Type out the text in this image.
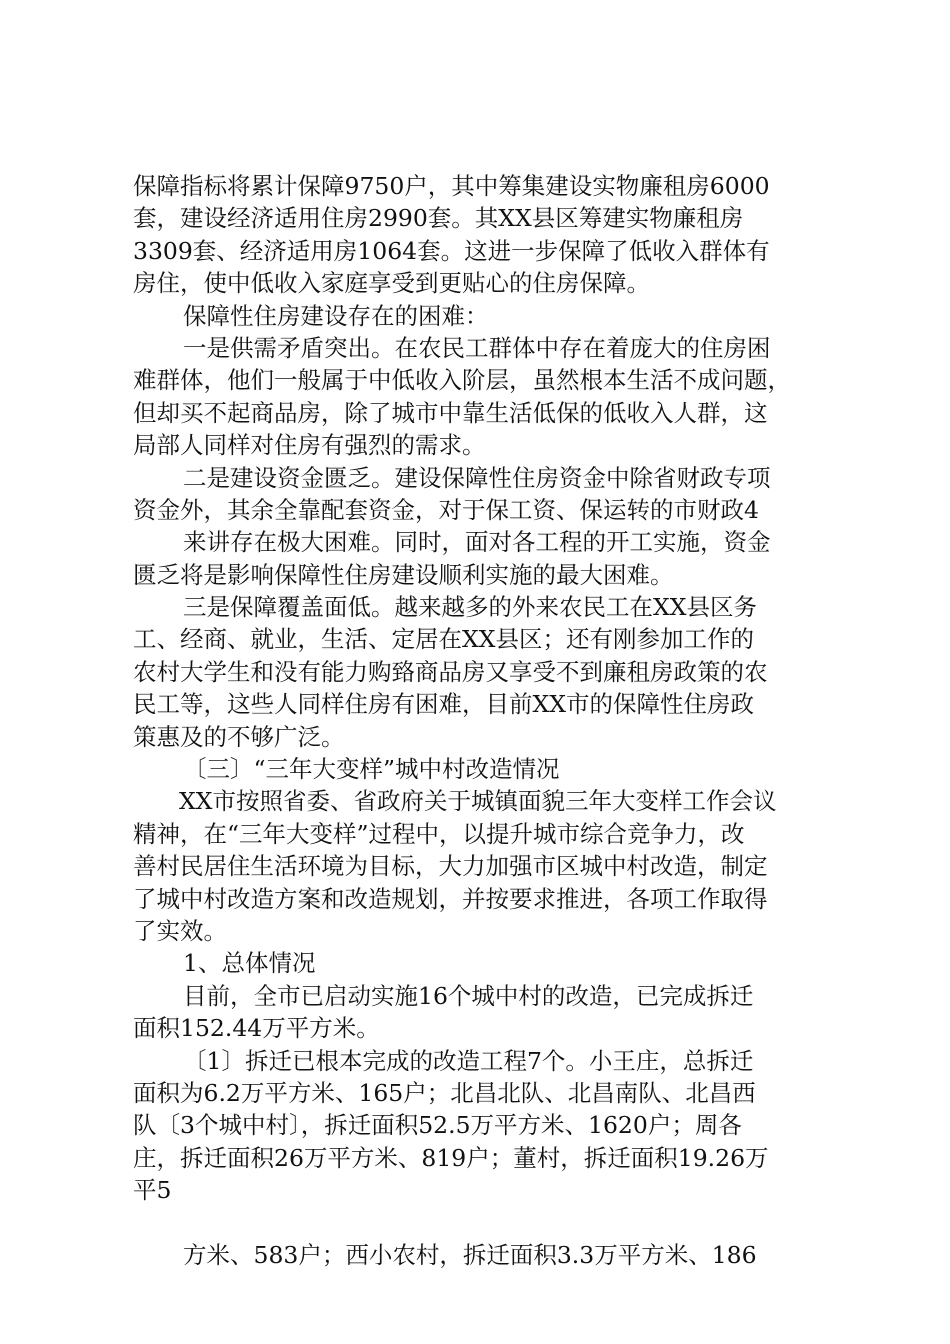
保障指标将累计保障9750户，其中筹集建设实物廉租房6000
套，建设经济适用住房2990套。其XX县区筹建实物廉租房
3309套、经济适用房1064套。这进一步保障了低收入群体有
房住，使中低收入家庭享受到更贴心的住房保障。
保障性住房建设存在的困难：
一是供需矛盾突出。在农民工群体中存在着庞大的住房困
难群体，他们一般属于中低收入阶层，虽然根本生活不成问题，
但却买不起商品房，除了城市中靠生活低保的低收入人群，这
局部人同样对住房有强烈的需求。
二是建设资金匮乏。建设保障性住房资金中除省财政专项
资金外，其余全靠配套资金，对于保工资、保运转的市财政4
来讲存在极大困难。同时，面对各工程的开工实施，资金
匮乏将是影响保障性住房建设顺利实施的最大困难。
三是保障覆盖面低。越来越多的外来农民工在XX县区务
工、经商、就业，生活、定居在XX县区；还有刚参加工作的
农村大学生和没有能力购臵商品房又享受不到廉租房政策的农
民工等，这些人同样住房有困难，目前XX市的保障性住房政
策惠及的不够广泛。
〔三〕“三年大变样”城中村改造情况
XX市按照省委、省政府关于城镇面貌三年大变样工作会议
精神，在“三年大变样”过程中，以提升城市综合竞争力，改
善村民居住生活环境为目标，大力加强市区城中村改造，制定
了城中村改造方案和改造规划，并按要求推进，各项工作取得
了实效。
1、总体情况
目前，全市已启动实施16个城中村的改造，已完成拆迁
面积152.44万平方米。
〔1〕拆迁已根本完成的改造工程7个。小王庄，总拆迁
面积为6.2万平方米、165户；北昌北队、北昌南队、北昌西
队〔3个城中村〕，拆迁面积52.5万平方米、1620户；周各
庄，拆迁面积26万平方米、819户；董村，拆迁面积19.26万
平5
方米、583户；西小农村，拆迁面积3.3万平方米、186
